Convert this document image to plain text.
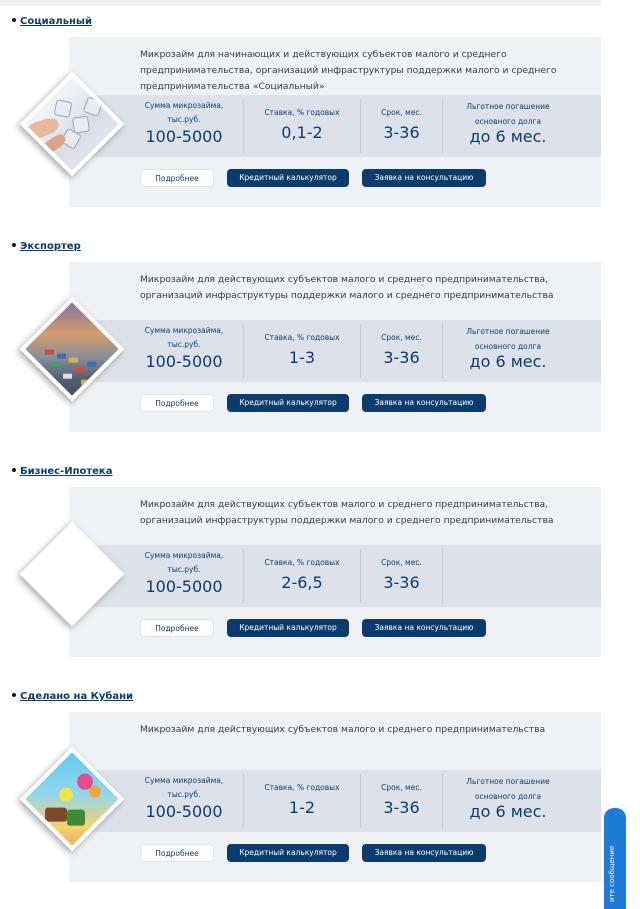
Социальный
Микрозайм для начинающих и действующих субъектов малого и среднего предпринимательства, организаций инфраструктуры поддержки малого и среднего предпринимательства «Социальный»
Сумма микрозайма, тыс.руб.
100-5000
Ставка, % годовых
0,1-2
Срок, мес.
3-36
Льготное погашение основного долга
до 6 мес.
Подробнее	Кредитный калькулятор	Заявка на консультацию
Экспортер
Микрозайм для действующих субъектов малого и среднего предпринимательства, организаций инфраструктуры поддержки малого и среднего предпринимательства
Сумма микрозайма, тыс.руб.
100-5000
Ставка, % годовых
1-3
Срок, мес.
3-36
Льготное погашение основного долга
до 6 мес.
Подробнее	Кредитный калькулятор	Заявка на консультацию
Бизнес-Ипотека
Микрозайм для действующих субъектов малого и среднего предпринимательства, организаций инфраструктуры поддержки малого и среднего предпринимательства
Сумма микрозайма, тыс.руб.
100-5000
Ставка, % годовых
2-6,5
Срок, мес.
3-36
Подробнее	Кредитный калькулятор	Заявка на консультацию
Сделано на Кубани
Микрозайм для действующих субъектов малого и среднего предпринимательства
Сумма микрозайма, тыс.руб.
100-5000
Ставка, % годовых
1-2
Срок, мес.
3-36
Льготное погашение основного долга
до 6 мес.
Подробнее	Кредитный калькулятор	Заявка на консультацию	ите сообщение
